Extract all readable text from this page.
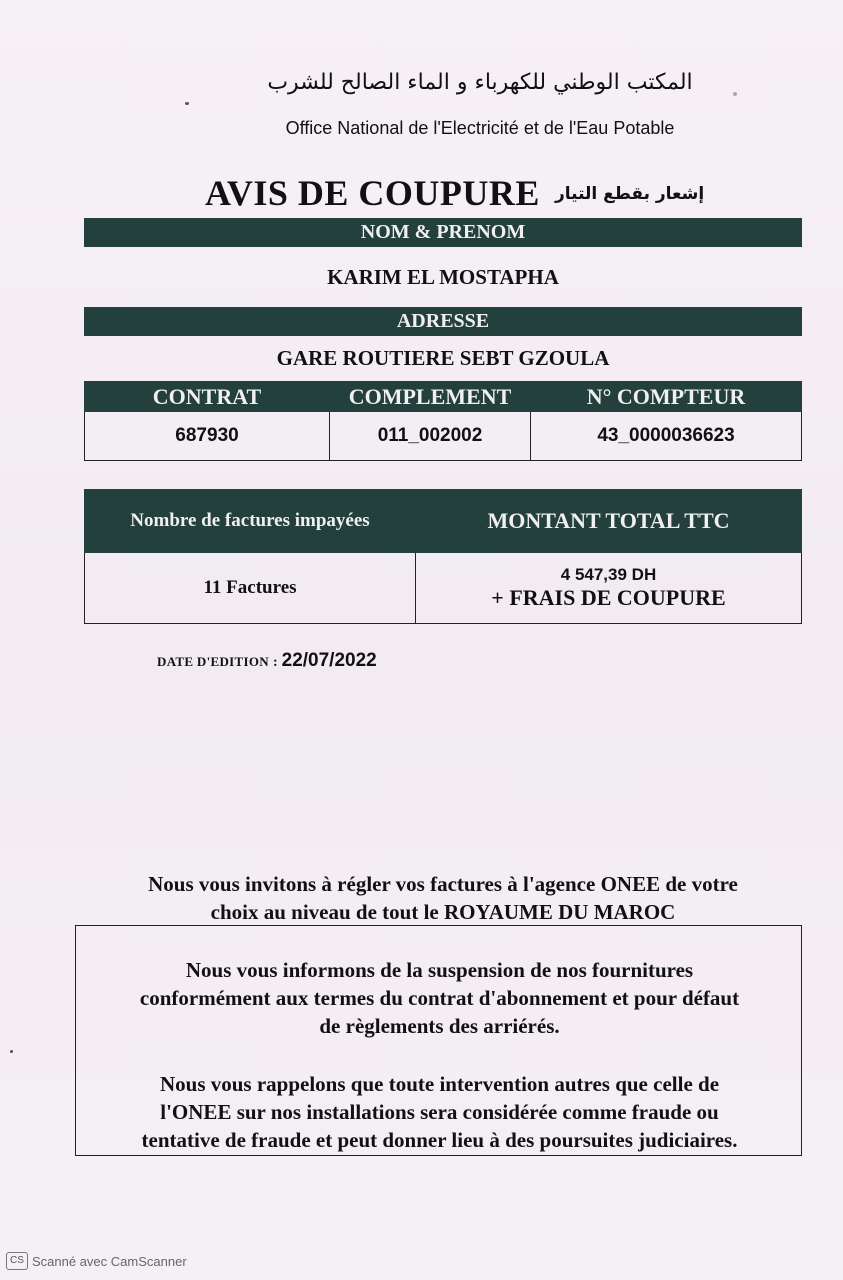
المكتب الوطني للكهرباء و الماء الصالح للشرب
Office National de l'Electricité et de l'Eau Potable
AVIS DE COUPURE إشعار بقطع التيار
NOM & PRENOM
KARIM EL MOSTAPHA
ADRESSE
GARE ROUTIERE SEBT GZOULA
CONTRAT	COMPLEMENT	N° COMPTEUR
687930	011_002002	43_0000036623
Nombre de factures impayées	MONTANT TOTAL TTC
11 Factures	4 547,39 DH
+ FRAIS DE COUPURE
DATE D'EDITION : 22/07/2022
Nous vous invitons à régler vos factures à l'agence ONEE de votre
choix au niveau de tout le ROYAUME DU MAROC
Nous vous informons de la suspension de nos fournitures
conformément aux termes du contrat d'abonnement et pour défaut
de règlements des arriérés.
Nous vous rappelons que toute intervention autres que celle de
l'ONEE sur nos installations sera considérée comme fraude ou
tentative de fraude et peut donner lieu à des poursuites judiciaires.
CS Scanné avec CamScanner
